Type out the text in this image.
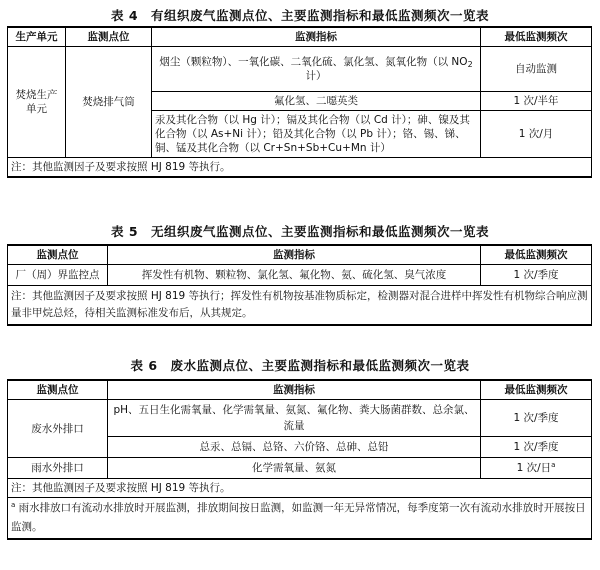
表 4　有组织废气监测点位、主要监测指标和最低监测频次一览表
生产单元	监测点位	监测指标	最低监测频次
焚烧生产单元	焚烧排气筒	烟尘（颗粒物）、一氧化碳、二氧化硫、氯化氢、氮氧化物（以 $NO_2$ 计）	自动监测
		氟化氢、二噁英类	1 次/半年
		汞及其化合物（以 Hg 计）；镉及其化合物（以 Cd 计）；砷、镍及其化合物（以 As+Ni 计）；铅及其化合物（以 Pb 计）；铬、锡、锑、铜、锰及其化合物（以 Cr+Sn+Sb+Cu+Mn 计）	1 次/月
注：其他监测因子及要求按照 HJ 819 等执行。			
表 5　无组织废气监测点位、主要监测指标和最低监测频次一览表
监测点位	监测指标	最低监测频次
厂（周）界监控点	挥发性有机物、颗粒物、氯化氢、氟化物、氨、硫化氢、臭气浓度	1 次/季度
注：其他监测因子及要求按照 HJ 819 等执行；挥发性有机物按基准物质标定，检测器对混合进样中挥发性有机物综合响应测量非甲烷总烃，待相关监测标准发布后，从其规定。		
表 6　废水监测点位、主要监测指标和最低监测频次一览表
监测点位	监测指标	最低监测频次
废水外排口	pH、五日生化需氧量、化学需氧量、氨氮、氟化物、粪大肠菌群数、总余氯、流量	1 次/季度
	总汞、总镉、总铬、六价铬、总砷、总铅	1 次/季度
雨水外排口	化学需氧量、氨氮	1 次/日$^a$
注：其他监测因子及要求按照 HJ 819 等执行。		
$^a$ 雨水排放口有流动水排放时开展监测，排放期间按日监测，如监测一年无异常情况，每季度第一次有流动水排放时开展按日监测。		
